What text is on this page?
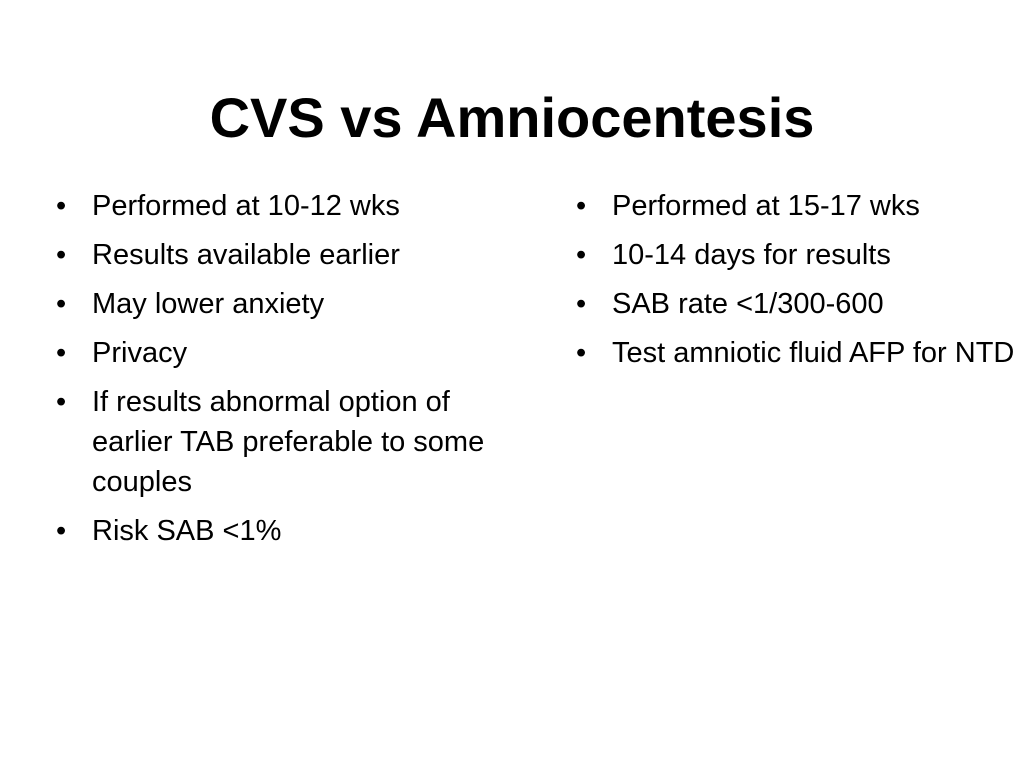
CVS vs Amniocentesis
• Performed at 10-12 wks
• Results available earlier
• May lower anxiety
• Privacy
• If results abnormal option of earlier TAB preferable to some couples
• Risk SAB <1%
• Performed at 15-17 wks
• 10-14 days for results
• SAB rate <1/300-600
• Test amniotic fluid AFP for NTD
